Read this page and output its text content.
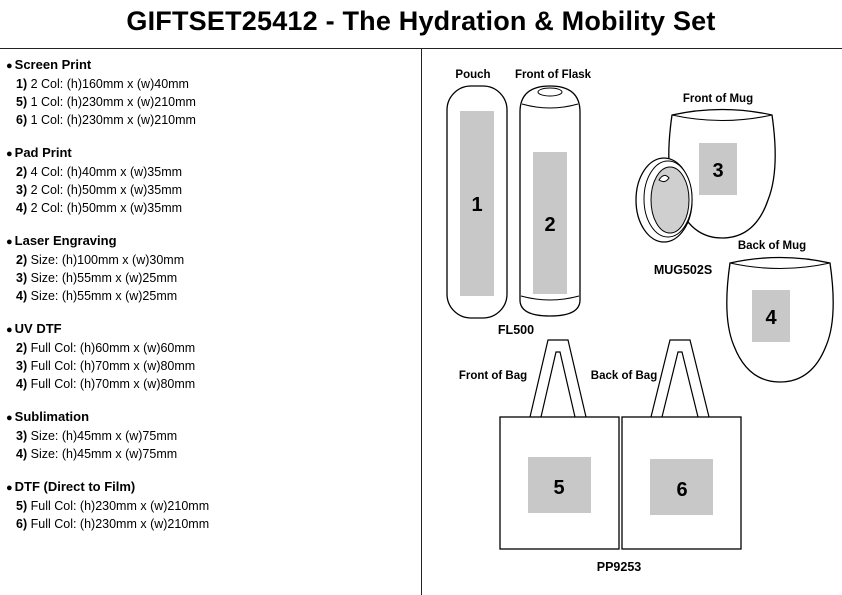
GIFTSET25412 - The Hydration & Mobility Set
● Screen Print
1) 2 Col: (h)160mm x (w)40mm
5) 1 Col: (h)230mm x (w)210mm
6) 1 Col: (h)230mm x (w)210mm
● Pad Print
2) 4 Col: (h)40mm x (w)35mm
3) 2 Col: (h)50mm x (w)35mm
4) 2 Col: (h)50mm x (w)35mm
● Laser Engraving
2) Size: (h)100mm x (w)30mm
3) Size: (h)55mm x (w)25mm
4) Size: (h)55mm x (w)25mm
● UV DTF
2) Full Col: (h)60mm x (w)60mm
3) Full Col: (h)70mm x (w)80mm
4) Full Col: (h)70mm x (w)80mm
● Sublimation
3) Size: (h)45mm x (w)75mm
4) Size: (h)45mm x (w)75mm
● DTF (Direct to Film)
5) Full Col: (h)230mm x (w)210mm
6) Full Col: (h)230mm x (w)210mm
Pouch
1
Front of Flask
2
FL500
Front of Mug
3
MUG502S
Back of Mug
4
Front of Bag
5
Back of Bag
6
PP9253
